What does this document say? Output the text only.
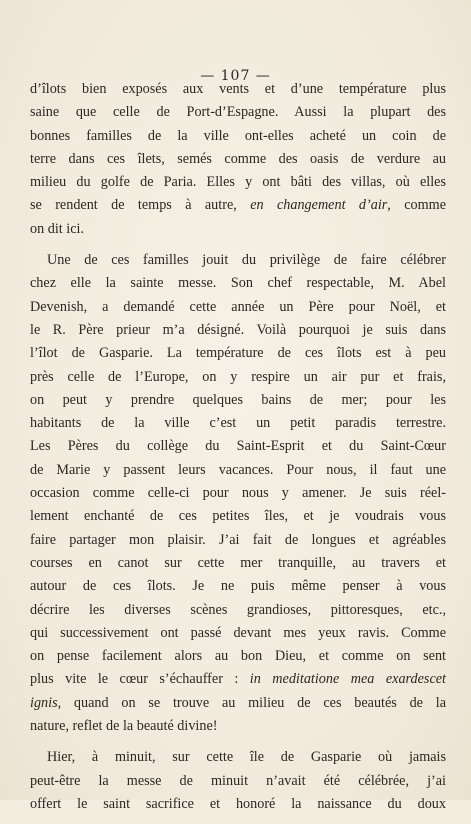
— 107 —
d’îlots bien exposés aux vents et d’une température plus
saine que celle de Port-d’Espagne. Aussi la plupart des
bonnes familles de la ville ont-elles acheté un coin de
terre dans ces îlets, semés comme des oasis de verdure au
milieu du golfe de Paria. Elles y ont bâti des villas, où elles
se rendent de temps à autre, en changement d’air, comme
on dit ici.
Une de ces familles jouit du privilège de faire célébrer
chez elle la sainte messe. Son chef respectable, M. Abel
Devenish, a demandé cette année un Père pour Noël, et
le R. Père prieur m’a désigné. Voilà pourquoi je suis dans
l’îlot de Gasparie. La température de ces îlots est à peu
près celle de l’Europe, on y respire un air pur et frais,
on peut y prendre quelques bains de mer; pour les
habitants de la ville c’est un petit paradis terrestre.
Les Pères du collège du Saint-Esprit et du Saint-Cœur
de Marie y passent leurs vacances. Pour nous, il faut une
occasion comme celle-ci pour nous y amener. Je suis réel-
lement enchanté de ces petites îles, et je voudrais vous
faire partager mon plaisir. J’ai fait de longues et agréables
courses en canot sur cette mer tranquille, au travers et
autour de ces îlots. Je ne puis même penser à vous
décrire les diverses scènes grandioses, pittoresques, etc.,
qui successivement ont passé devant mes yeux ravis. Comme
on pense facilement alors au bon Dieu, et comme on sent
plus vite le cœur s’échauffer : in meditatione mea exardescet
ignis, quand on se trouve au milieu de ces beautés de la
nature, reflet de la beauté divine!
Hier, à minuit, sur cette île de Gasparie où jamais
peut-être la messe de minuit n’avait été célébrée, j’ai
offert le saint sacrifice et honoré la naissance du doux
